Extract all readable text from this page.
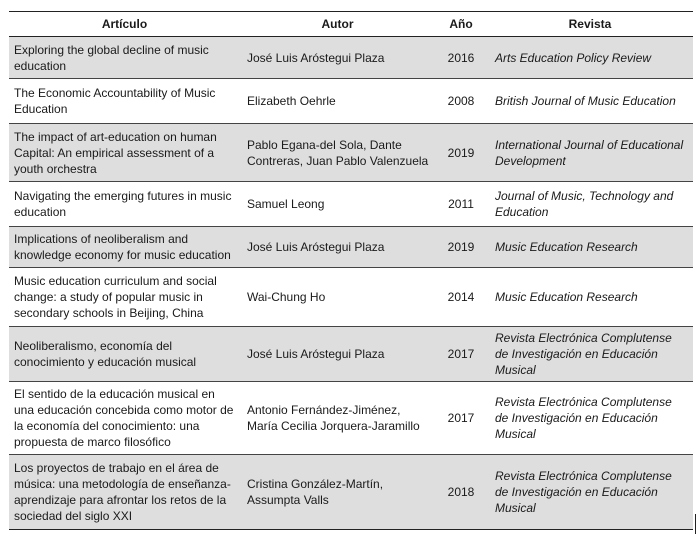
Artículo	Autor	Año	Revista
Exploring the global decline of music education	José Luis Aróstegui Plaza	2016	Arts Education Policy Review
The Economic Accountability of Music Education	Elizabeth Oehrle	2008	British Journal of Music Education
The impact of art-education on human Capital: An empirical assessment of a youth orchestra	Pablo Egana-del Sola, Dante Contreras, Juan Pablo Valenzuela	2019	International Journal of Educational Development
Navigating the emerging futures in music education	Samuel Leong	2011	Journal of Music, Technology and Education
Implications of neoliberalism and knowledge economy for music education	José Luis Aróstegui Plaza	2019	Music Education Research
Music education curriculum and social change: a study of popular music in secondary schools in Beijing, China	Wai-Chung Ho	2014	Music Education Research
Neoliberalismo, economía del conocimiento y educación musical	José Luis Aróstegui Plaza	2017	Revista Electrónica Complutense de Investigación en Educación Musical
El sentido de la educación musical en una educación concebida como motor de la economía del conocimiento: una propuesta de marco filosófico	Antonio Fernández-Jiménez, María Cecilia Jorquera-Jaramillo	2017	Revista Electrónica Complutense de Investigación en Educación Musical
Los proyectos de trabajo en el área de música: una metodología de enseñanza-aprendizaje para afrontar los retos de la sociedad del siglo XXI	Cristina González-Martín, Assumpta Valls	2018	Revista Electrónica Complutense de Investigación en Educación Musical
